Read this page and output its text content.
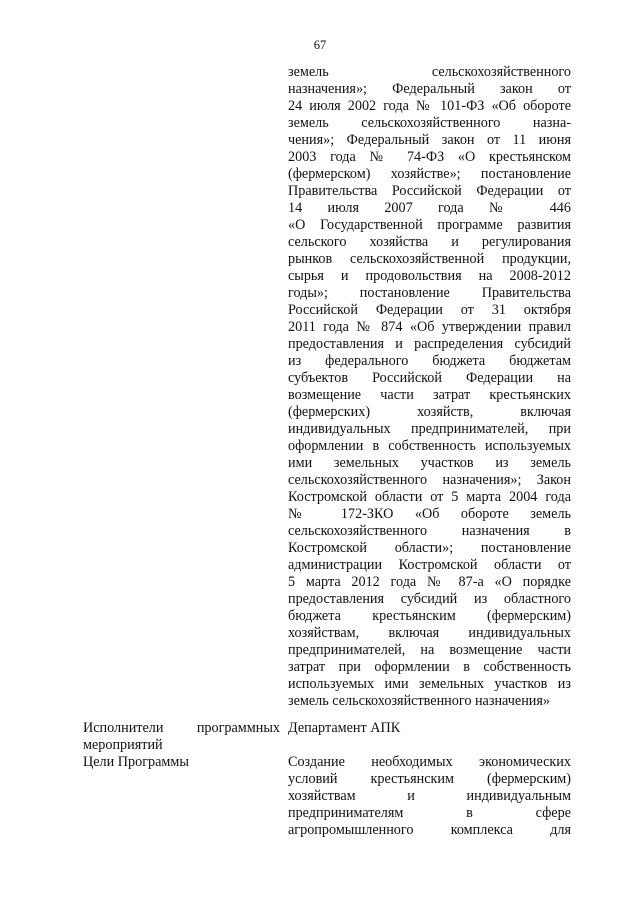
67
земель сельскохозяйственного
назначения»; Федеральный закон от
24 июля 2002 года № 101-ФЗ «Об обороте
земель сельскохозяйственного назна-
чения»; Федеральный закон от 11 июня
2003 года № 74-ФЗ «О крестьянском
(фермерском) хозяйстве»; постановление
Правительства Российской Федерации от
14 июля 2007 года № 446
«О Государственной программе развития
сельского хозяйства и регулирования
рынков сельскохозяйственной продукции,
сырья и продовольствия на 2008-2012
годы»; постановление Правительства
Российской Федерации от 31 октября
2011 года № 874 «Об утверждении правил
предоставления и распределения субсидий
из федерального бюджета бюджетам
субъектов Российской Федерации на
возмещение части затрат крестьянских
(фермерских) хозяйств, включая
индивидуальных предпринимателей, при
оформлении в собственность используемых
ими земельных участков из земель
сельскохозяйственного назначения»; Закон
Костромской области от 5 марта 2004 года
№ 172-ЗКО «Об обороте земель
сельскохозяйственного назначения в
Костромской области»; постановление
администрации Костромской области от
5 марта 2012 года № 87-а «О порядке
предоставления субсидий из областного
бюджета крестьянским (фермерским)
хозяйствам, включая индивидуальных
предпринимателей, на возмещение части
затрат при оформлении в собственность
используемых ими земельных участков из
земель сельскохозяйственного назначения»
Исполнители программных
мероприятий
Департамент АПК
Цели Программы	Создание необходимых экономических
условий крестьянским (фермерским)
хозяйствам и индивидуальным
предпринимателям в сфере
агропромышленного комплекса для
